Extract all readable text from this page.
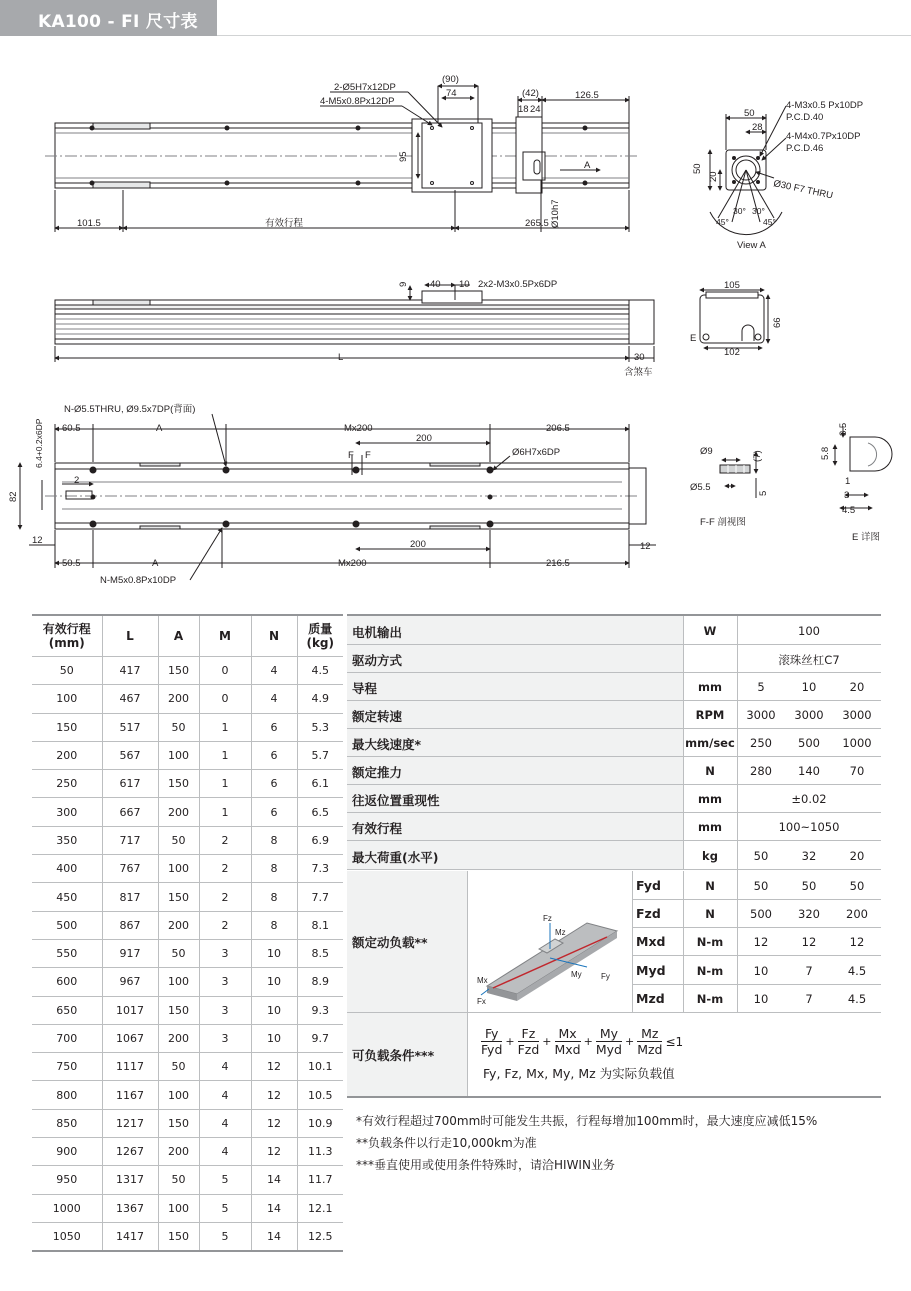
KA100 - FI 尺寸表
2-Ø5H7x12DP
4-M5x0.8Px12DP
(90)
74	(42)
18 24
126.5
95
101.5	有效行程	265.5 Ø10h7
A
4-M3x0.5 Px10DP
P.C.D.40
4-M4x0.7Px10DP
P.C.D.46
50
28
50
20
Ø30 F7 THRU
30° 30°
45°	45°
View A
9 40 10 2x2-M3x0.5Px6DP
L	30
含煞车
105
66
102
E
N-Ø5.5THRU, Ø9.5x7DP(背面)
60.5	A	Mx200	206.5
200
F F	Ø6H7x6DP
6.4+0.2x6DP
82
2
12	200	12
50.5	A	Mx200	216.5
N-M5x0.8Px10DP
Ø9	(7)
Ø5.5
5
F-F 剖视图
3.5
5.8
1
3
4.5
E 详图
有效行程
(mm)	L	A	M	N	质量
(kg)
50	417	150	0	4	4.5
100	467	200	0	4	4.9
150	517	50	1	6	5.3
200	567	100	1	6	5.7
250	617	150	1	6	6.1
300	667	200	1	6	6.5
350	717	50	2	8	6.9
400	767	100	2	8	7.3
450	817	150	2	8	7.7
500	867	200	2	8	8.1
550	917	50	3	10	8.5
600	967	100	3	10	8.9
650	1017	150	3	10	9.3
700	1067	200	3	10	9.7
750	1117	50	4	12	10.1
800	1167	100	4	12	10.5
850	1217	150	4	12	10.9
900	1267	200	4	12	11.3
950	1317	50	5	14	11.7
1000	1367	100	5	14	12.1
1050	1417	150	5	14	12.5
电机输出	W	100
驱动方式	滚珠丝杠C7
导程	mm	5	10	20
额定转速	RPM	3000	3000	3000
最大线速度*	mm/sec	250	500	1000
额定推力	N	280	140	70
往返位置重现性	mm	±0.02
有效行程	mm	100~1050
最大荷重(水平)	kg	50	32	20
额定动负载**
Fz
Mz
Mx
Fx
My Fy
Fyd	N	50	50	50
Fzd	N	500	320	200
Mxd	N-m	12	12	12
Myd	N-m	10	7	4.5
Mzd	N-m	10	7	4.5
可负载条件***	$\frac{Fy}{\text{Fyd}} + \frac{Fz}{\text{Fzd}} + \frac{Mx}{\text{Mxd}} + \frac{My}{\text{Myd}} + \frac{Mz}{\text{Mzd}} \le 1$
Fy, Fz, Mx, My, Mz 为实际负载值
*有效行程超过700mm时可能发生共振，行程每增加100mm时，最大速度应减低15%
**负载条件以行走10,000km为准
***垂直使用或使用条件特殊时，请洽HIWIN业务
